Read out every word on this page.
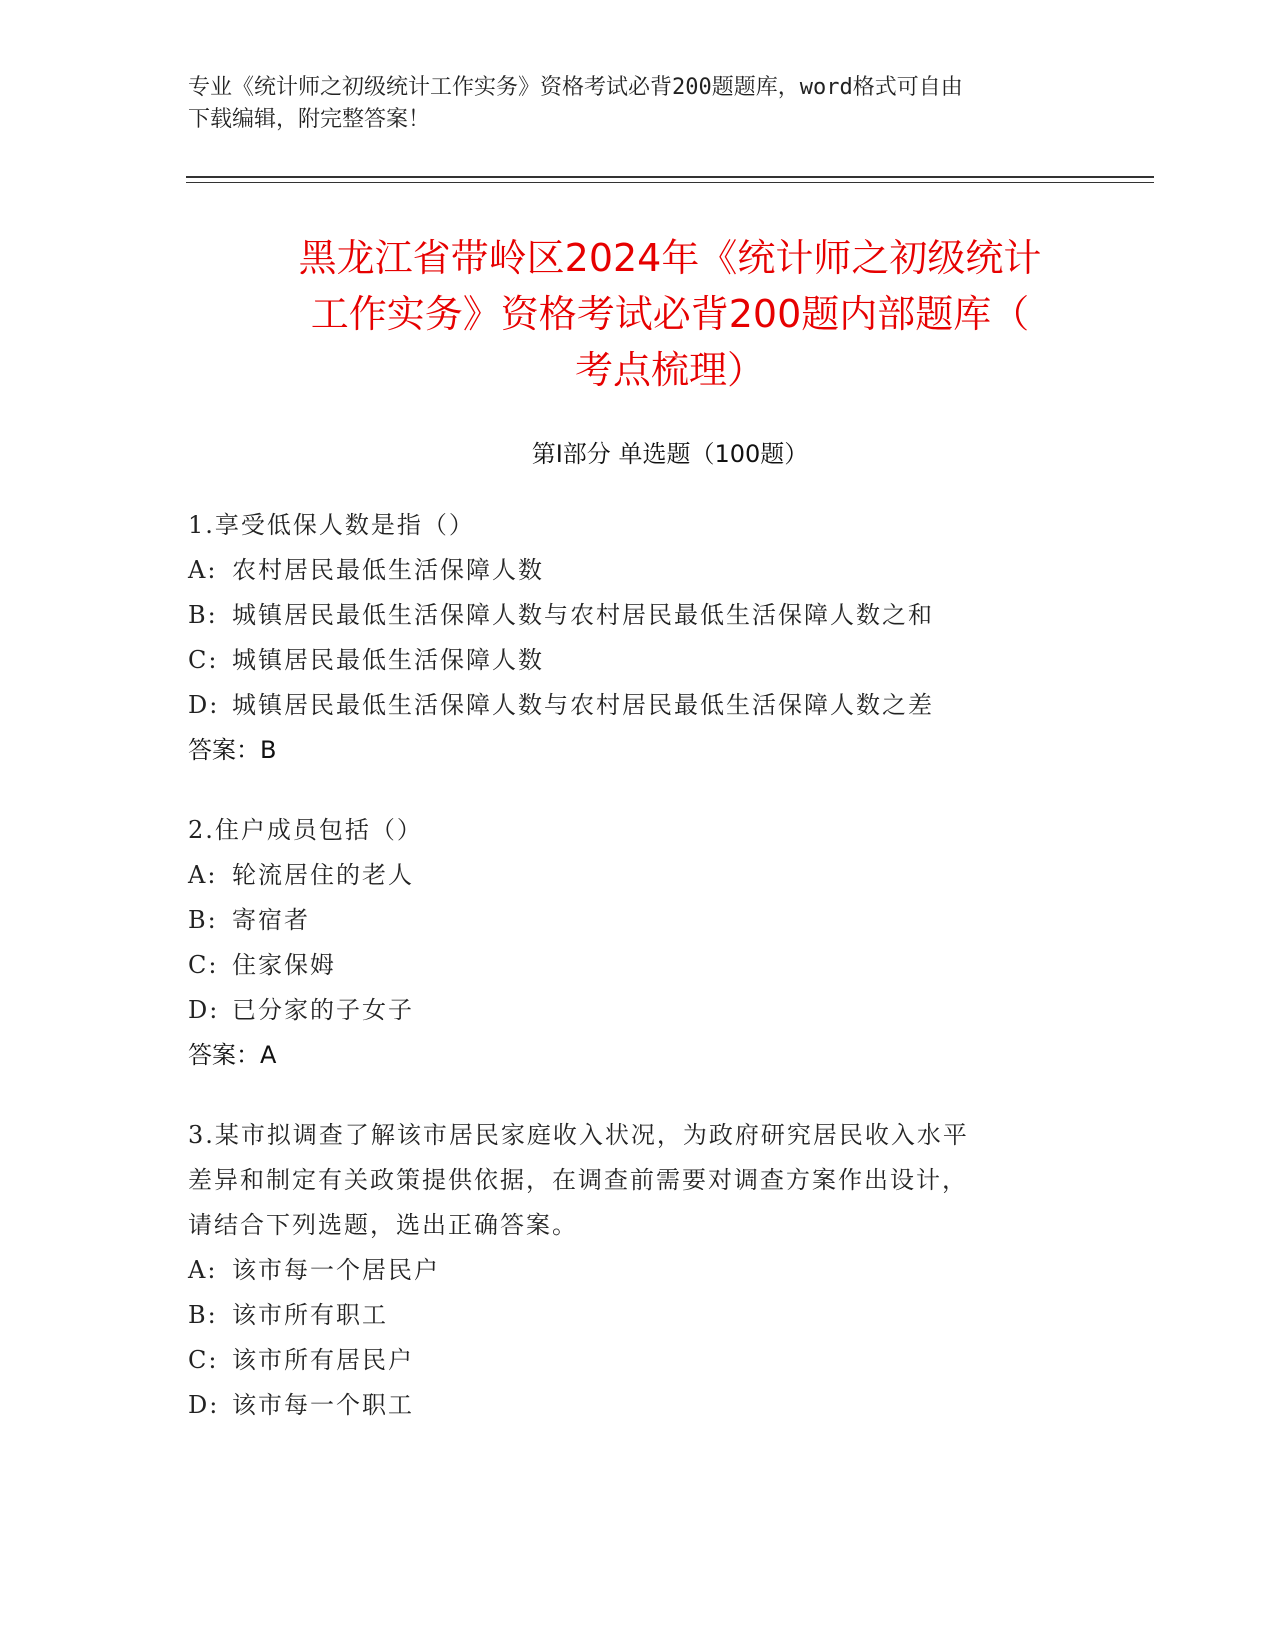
专业《统计师之初级统计工作实务》资格考试必背200题题库，word格式可自由
下载编辑，附完整答案！
黑龙江省带岭区2024年《统计师之初级统计
工作实务》资格考试必背200题内部题库（
考点梳理）
第Ⅰ部分 单选题（100题）
1.享受低保人数是指（）
A: 农村居民最低生活保障人数
B: 城镇居民最低生活保障人数与农村居民最低生活保障人数之和
C: 城镇居民最低生活保障人数
D: 城镇居民最低生活保障人数与农村居民最低生活保障人数之差
答案：B
2.住户成员包括（）
A: 轮流居住的老人
B: 寄宿者
C: 住家保姆
D: 已分家的子女子
答案：A
3.某市拟调查了解该市居民家庭收入状况，为政府研究居民收入水平
差异和制定有关政策提供依据，在调查前需要对调查方案作出设计，
请结合下列选题，选出正确答案。
A: 该市每一个居民户
B: 该市所有职工
C: 该市所有居民户
D: 该市每一个职工
